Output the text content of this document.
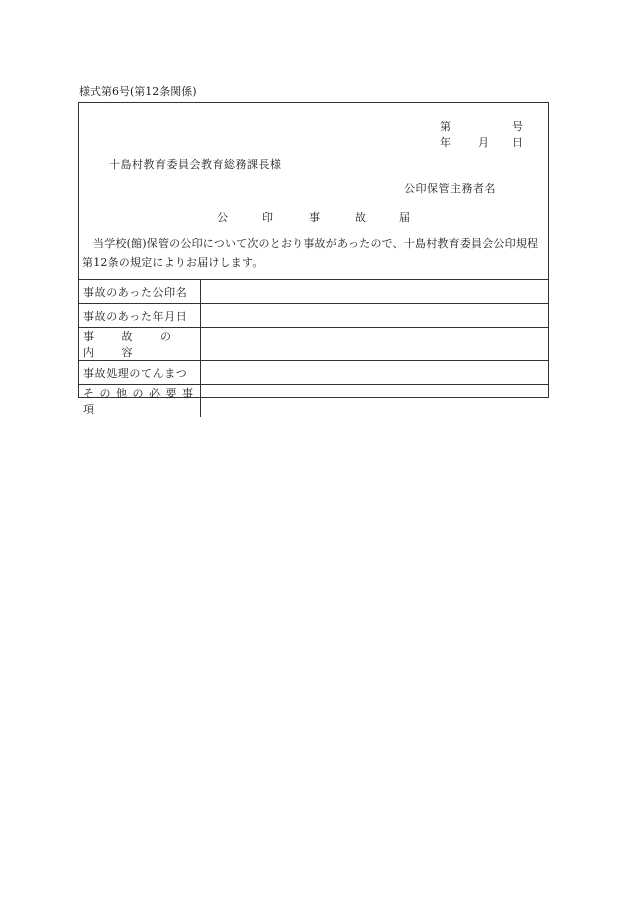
様式第6号(第12条関係)
第	号
年 月 日
十島村教育委員会教育総務課長様
公印保管主務者名
公	印	事	故	届
当学校(館)保管の公印について次のとおり事故があったので、十島村教育委員会公印規程第12条の規定によりお届けします。
事故のあった公印名	
事故のあった年月日	
事 故 の 内 容	
事故処理のてんまつ	
その他の必要事項	
